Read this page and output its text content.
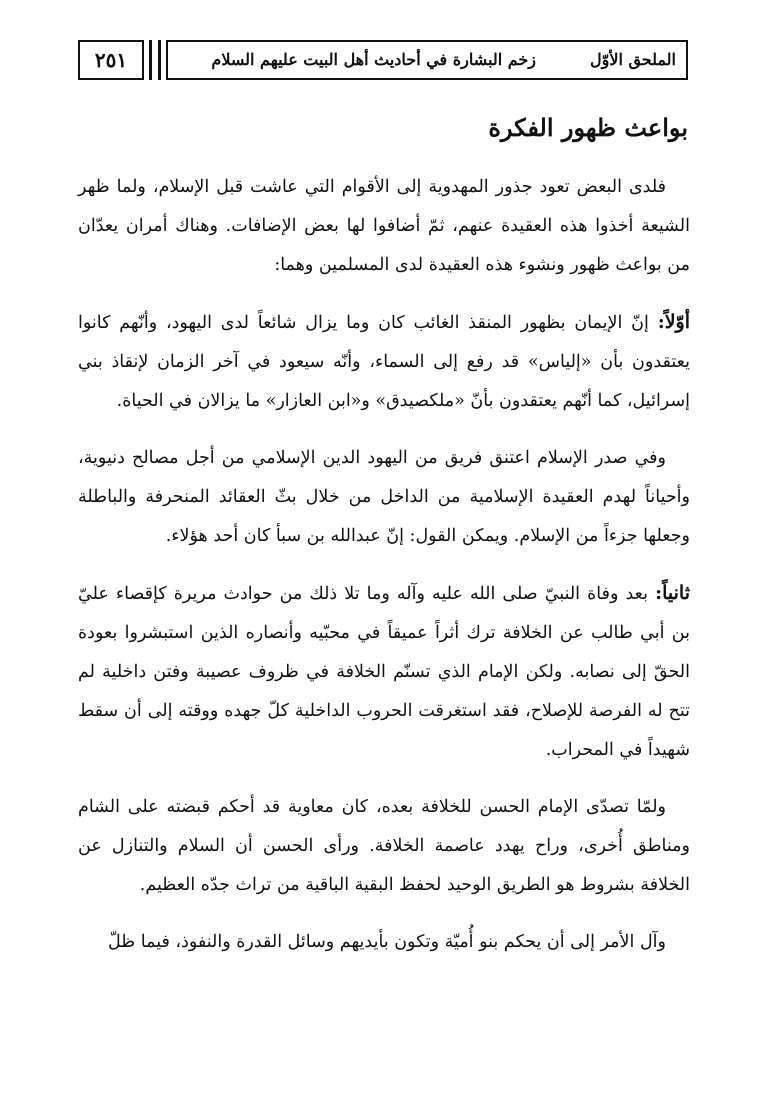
٢٥١	الملحق الأوّل
زخم البشارة في أحاديث أهل البيت عليهم السلام
بواعث ظهور الفكرة

فلدى البعض تعود جذور المهدوية إلى الأقوام التي عاشت قبل الإسلام، ولما ظهر الشيعة أخذوا هذه العقيدة عنهم، ثمّ أضافوا لها بعض الإضافات. وهناك أمران يعدّان من بواعث ظهور ونشوء هذه العقيدة لدى المسلمين وهما:

أوّلاً: إنّ الإيمان بظهور المنقذ الغائب كان وما يزال شائعاً لدى اليهود، وأنّهم كانوا يعتقدون بأن «إلياس» قد رفع إلى السماء، وأنّه سيعود في آخر الزمان لإنقاذ بني إسرائيل، كما أنّهم يعتقدون بأنّ «ملكصيدق» و«ابن العازار» ما يزالان في الحياة.

وفي صدر الإسلام اعتنق فريق من اليهود الدين الإسلامي من أجل مصالح دنيوية، وأحياناً لهدم العقيدة الإسلامية من الداخل من خلال بثّ العقائد المنحرفة والباطلة وجعلها جزءاً من الإسلام. ويمكن القول: إنّ عبدالله بن سبأ كان أحد هؤلاء.

ثانياً: بعد وفاة النبيّ صلى الله عليه وآله وما تلا ذلك من حوادث مريرة كإقصاء عليّ بن أبي طالب عن الخلافة ترك أثراً عميقاً في محبّيه وأنصاره الذين استبشروا بعودة الحقّ إلى نصابه. ولكن الإمام الذي تسنّم الخلافة في ظروف عصيبة وفتن داخلية لم تتح له الفرصة للإصلاح، فقد استغرقت الحروب الداخلية كلّ جهده ووقته إلى أن سقط شهيداً في المحراب.

ولمّا تصدّى الإمام الحسن للخلافة بعده، كان معاوية قد أحكم قبضته على الشام ومناطق أُخرى، وراح يهدد عاصمة الخلافة. ورأى الحسن أن السلام والتنازل عن الخلافة بشروط هو الطريق الوحيد لحفظ البقية الباقية من تراث جدّه العظيم.

وآل الأمر إلى أن يحكم بنو أُميّة وتكون بأيديهم وسائل القدرة والنفوذ، فيما ظلّ
